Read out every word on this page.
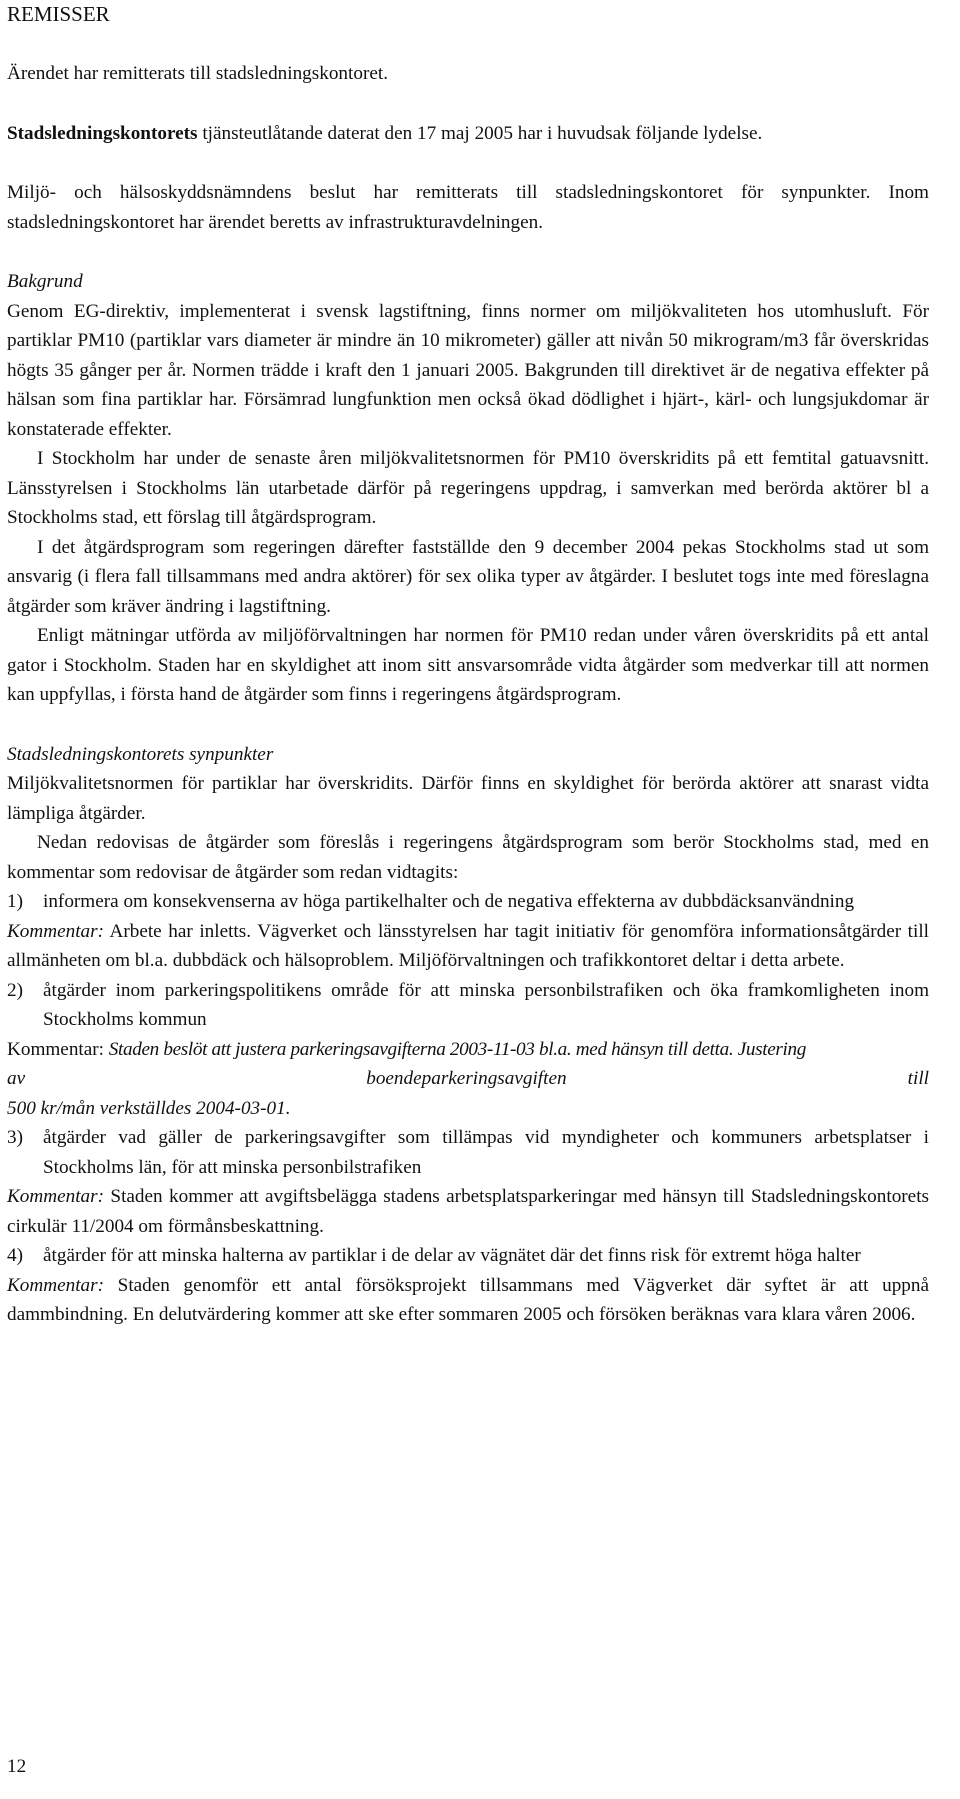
REMISSER

Ärendet har remitterats till stadsledningskontoret.

Stadsledningskontorets tjänsteutlåtande daterat den 17 maj 2005 har i huvudsak följande lydelse.

Miljö- och hälsoskyddsnämndens beslut har remitterats till stadsledningskontoret för synpunkter. Inom stadsledningskontoret har ärendet beretts av infrastrukturavdelningen.

Bakgrund

Genom EG-direktiv, implementerat i svensk lagstiftning, finns normer om miljökvaliteten hos utomhusluft. För partiklar PM10 (partiklar vars diameter är mindre än 10 mikrometer) gäller att nivån 50 mikrogram/m3 får överskridas högts 35 gånger per år. Normen trädde i kraft den 1 januari 2005. Bakgrunden till direktivet är de negativa effekter på hälsan som fina partiklar har. Försämrad lungfunktion men också ökad dödlighet i hjärt-, kärl- och lungsjukdomar är konstaterade effekter.

I Stockholm har under de senaste åren miljökvalitetsnormen för PM10 överskridits på ett femtital gatuavsnitt. Länsstyrelsen i Stockholms län utarbetade därför på regeringens uppdrag, i samverkan med berörda aktörer bl a Stockholms stad, ett förslag till åtgärdsprogram.

I det åtgärdsprogram som regeringen därefter fastställde den 9 december 2004 pekas Stockholms stad ut som ansvarig (i flera fall tillsammans med andra aktörer) för sex olika typer av åtgärder. I beslutet togs inte med föreslagna åtgärder som kräver ändring i lagstiftning.

Enligt mätningar utförda av miljöförvaltningen har normen för PM10 redan under våren överskridits på ett antal gator i Stockholm. Staden har en skyldighet att inom sitt ansvarsområde vidta åtgärder som medverkar till att normen kan uppfyllas, i första hand de åtgärder som finns i regeringens åtgärdsprogram.

Stadsledningskontorets synpunkter

Miljökvalitetsnormen för partiklar har överskridits. Därför finns en skyldighet för berörda aktörer att snarast vidta lämpliga åtgärder.

Nedan redovisas de åtgärder som föreslås i regeringens åtgärdsprogram som berör Stockholms stad, med en kommentar som redovisar de åtgärder som redan vidtagits:

1)	informera om konsekvenserna av höga partikelhalter och de negativa effekterna av dubbdäcksanvändning

Kommentar: Arbete har inletts. Vägverket och länsstyrelsen har tagit initiativ för genomföra informationsåtgärder till allmänheten om bl.a. dubbdäck och hälsoproblem. Miljöförvaltningen och trafikkontoret deltar i detta arbete.

2)	åtgärder inom parkeringspolitikens område för att minska personbilstrafiken och öka framkomligheten inom Stockholms kommun

Kommentar: Staden beslöt att justera parkeringsavgifterna 2003-11-03 bl.a. med hänsyn till detta. Justering

av	boendeparkeringsavgiften	till

500 kr/mån verkställdes 2004-03-01.

3)	åtgärder vad gäller de parkeringsavgifter som tillämpas vid myndigheter och kommuners arbetsplatser i Stockholms län, för att minska personbilstrafiken

Kommentar: Staden kommer att avgiftsbelägga stadens arbetsplatsparkeringar med hänsyn till Stadsledningskontorets cirkulär 11/2004 om förmånsbeskattning.

4)	åtgärder för att minska halterna av partiklar i de delar av vägnätet där det finns risk för extremt höga halter

Kommentar: Staden genomför ett antal försöksprojekt tillsammans med Vägverket där syftet är att uppnå dammbindning. En delutvärdering kommer att ske efter sommaren 2005 och försöken beräknas vara klara våren 2006.

12
